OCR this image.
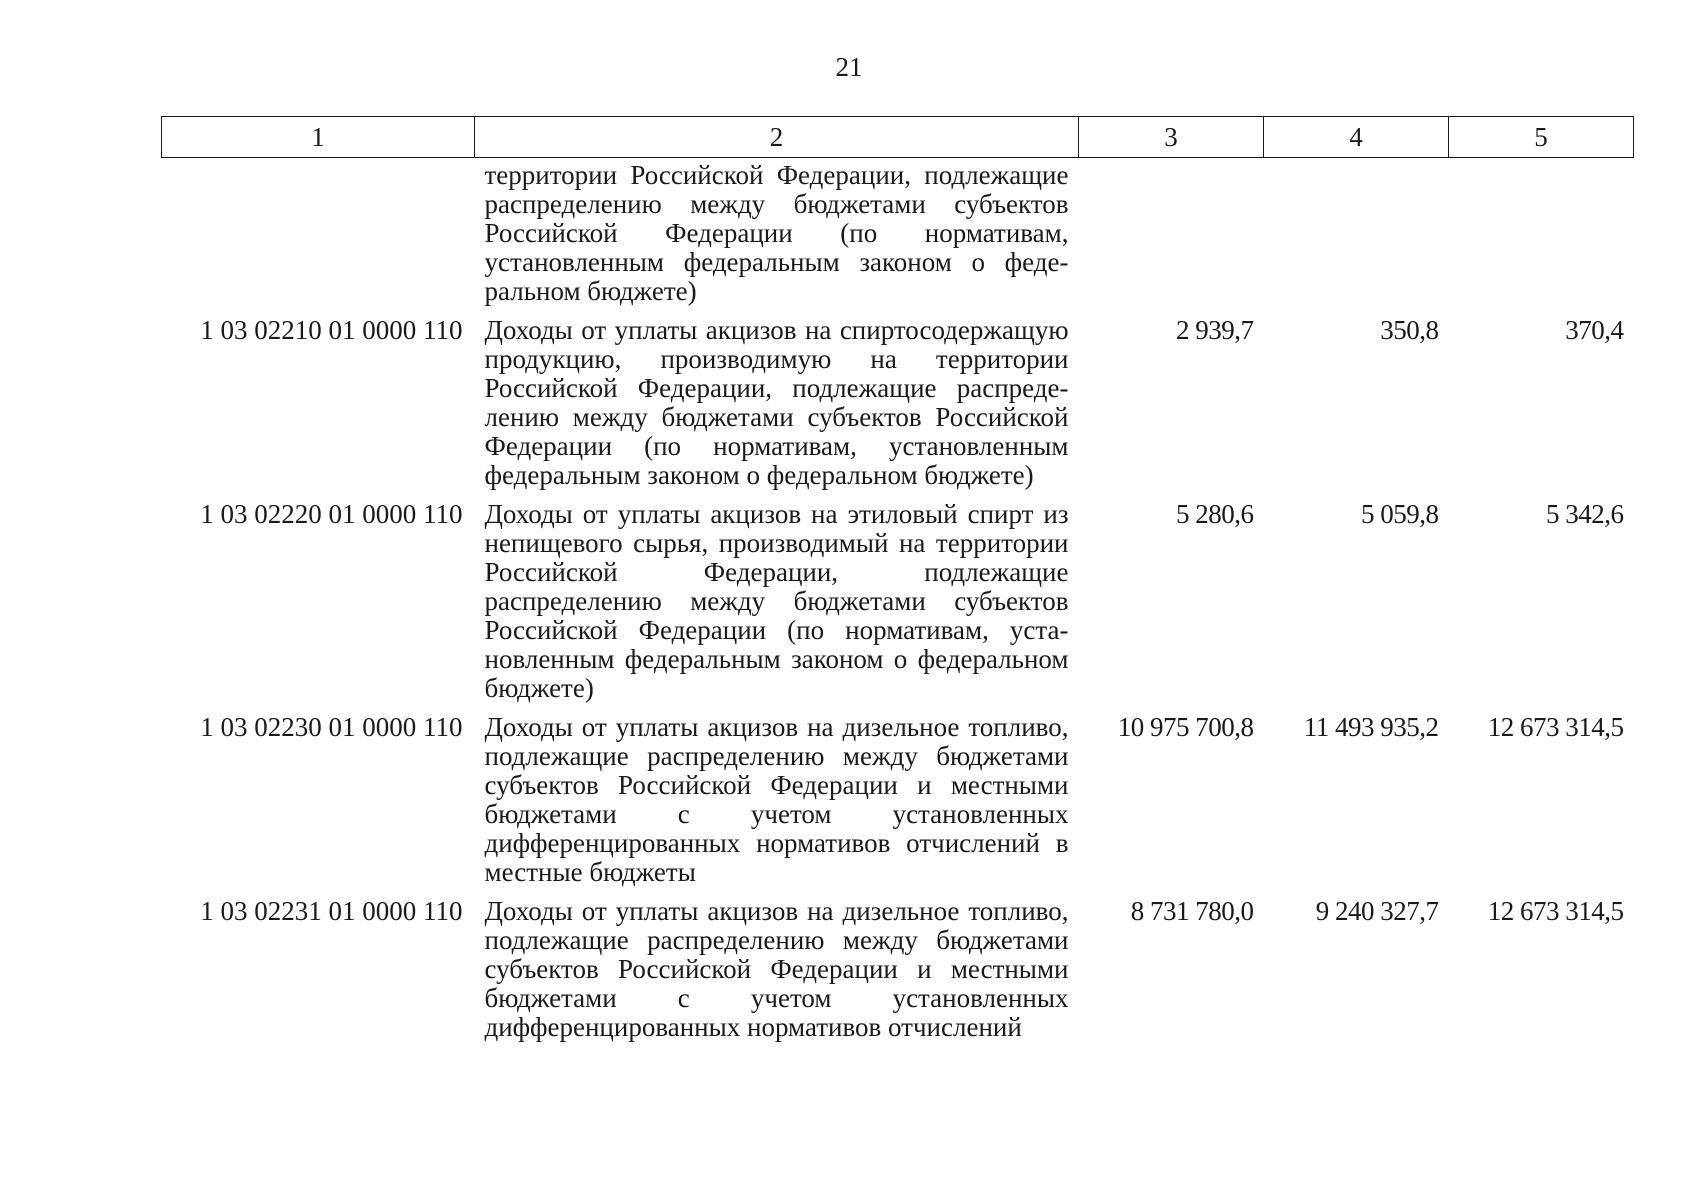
21
1	2	3	4	5
	территории Российской Федерации, подлежащие распределению между бюджетами субъектов Российской Федерации (по нормативам, установленным федеральным законом о федеральном бюджете)			
1 03 02210 01 0000 110	Доходы от уплаты акцизов на спиртосодержащую продукцию, производимую на территории Российской Федерации, подлежащие распределению между бюджетами субъектов Российской Федерации (по нормативам, установленным федеральным законом о федеральном бюджете)	2 939,7	350,8	370,4
1 03 02220 01 0000 110	Доходы от уплаты акцизов на этиловый спирт из непищевого сырья, производимый на территории Российской Федерации, подлежащие распределению между бюджетами субъектов Российской Федерации (по нормативам, установленным федеральным законом о федеральном бюджете)	5 280,6	5 059,8	5 342,6
1 03 02230 01 0000 110	Доходы от уплаты акцизов на дизельное топливо, подлежащие распределению между бюджетами субъектов Российской Федерации и местными бюджетами с учетом установленных дифференцированных нормативов отчислений в местные бюджеты	10 975 700,8	11 493 935,2	12 673 314,5
1 03 02231 01 0000 110	Доходы от уплаты акцизов на дизельное топливо, подлежащие распределению между бюджетами субъектов Российской Федерации и местными бюджетами с учетом установленных дифференцированных нормативов отчислений	8 731 780,0	9 240 327,7	12 673 314,5
